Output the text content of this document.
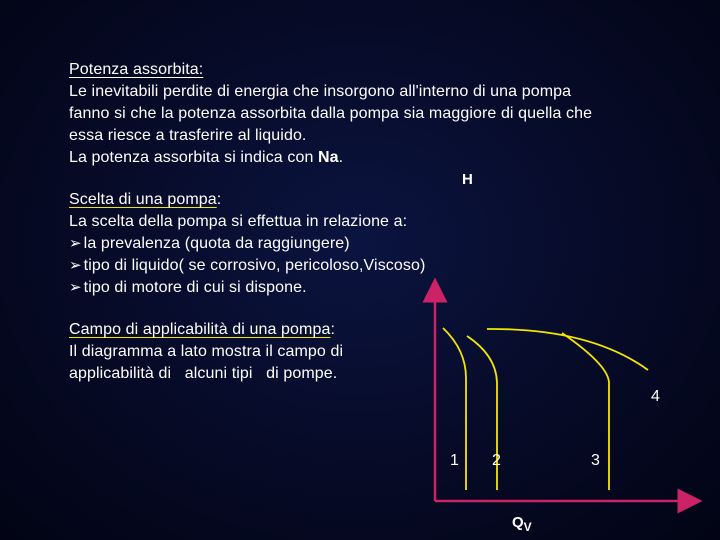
Potenza assorbita:
Le inevitabili perdite di energia che insorgono all'interno di una pompa
fanno si che la potenza assorbita dalla pompa sia maggiore di quella che
essa riesce a trasferire al liquido.
La potenza assorbita si indica con Na.
Scelta di una pompa:
La scelta della pompa si effettua in relazione a:
➢ la prevalenza (quota da raggiungere)
➢ tipo di liquido( se corrosivo, pericoloso,Viscoso)
➢ tipo di motore di cui si dispone.
Campo di applicabilità di una pompa:
Il diagramma a lato mostra il campo di
applicabilità di   alcuni tipi   di pompe.
H
1 2	3
4
$Q_V$
